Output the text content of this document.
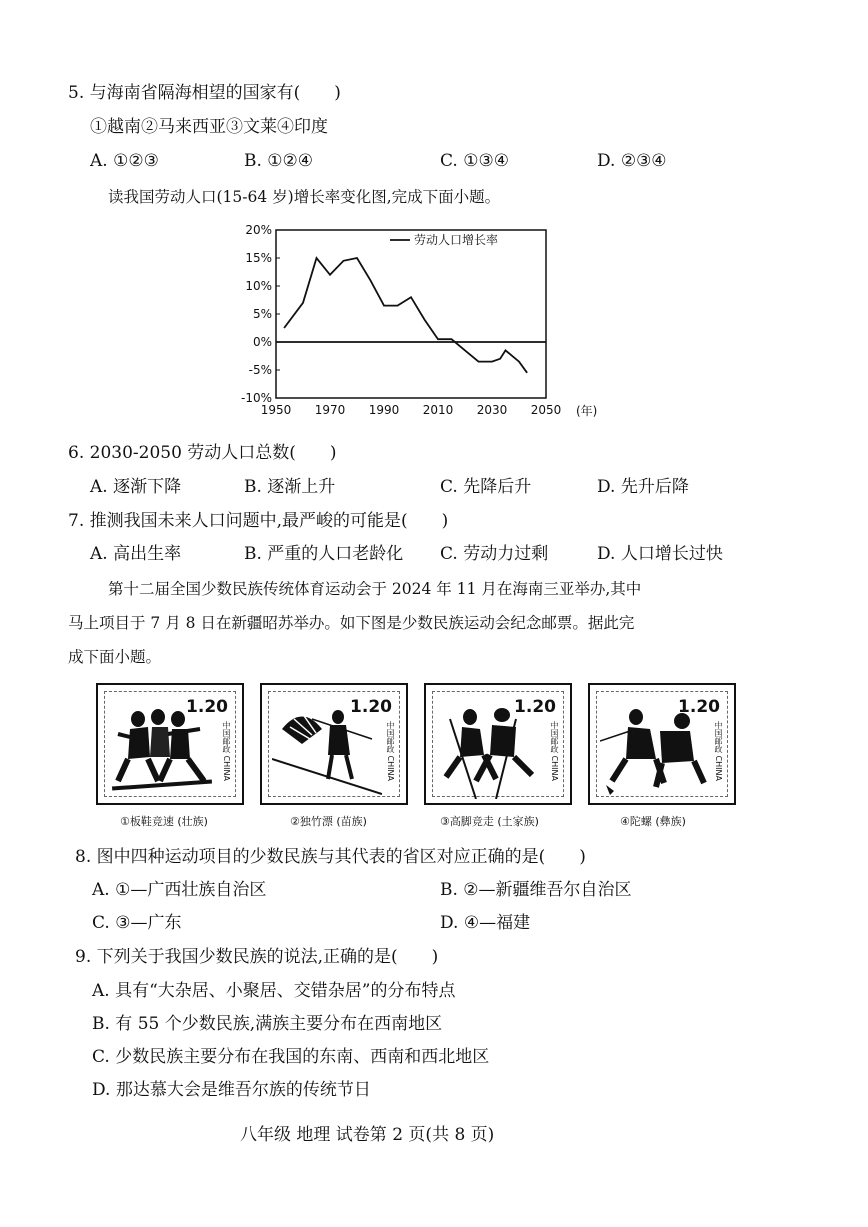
5. 与海南省隔海相望的国家有(　　)
①越南②马来西亚③文莱④印度
A. ①②③	B. ①②④	C. ①③④	D. ②③④
读我国劳动人口(15-64 岁)增长率变化图,完成下面小题。
20%
15%
10%
5%
0%
-5%
-10%
1950 1970 1990 2010 2030 2050
劳动人口增长率
(年)
6. 2030-2050 劳动人口总数(　　)
A. 逐渐下降	B. 逐渐上升	C. 先降后升	D. 先升后降
7. 推测我国未来人口问题中,最严峻的可能是(　　)
A. 高出生率	B. 严重的人口老龄化 C. 劳动力过剩	D. 人口增长过快
第十二届全国少数民族传统体育运动会于 2024 年 11 月在海南三亚举办,其中
马上项目于 7 月 8 日在新疆昭苏举办。如下图是少数民族运动会纪念邮票。据此完
成下面小题。
1.20
中国邮政 CHINA
1.20
中国邮政 CHINA
1.20
中国邮政 CHINA
1.20
中国邮政 CHINA
①板鞋竞速 (壮族)	②独竹漂 (苗族)	③高脚竞走 (土家族)	④陀螺 (彝族)
8. 图中四种运动项目的少数民族与其代表的省区对应正确的是(　　)
A. ①—广西壮族自治区	B. ②—新疆维吾尔自治区
C. ③—广东	D. ④—福建
9. 下列关于我国少数民族的说法,正确的是(　　)
A. 具有“大杂居、小聚居、交错杂居”的分布特点
B. 有 55 个少数民族,满族主要分布在西南地区
C. 少数民族主要分布在我国的东南、西南和西北地区
D. 那达慕大会是维吾尔族的传统节日
八年级 地理 试卷第 2 页(共 8 页)
